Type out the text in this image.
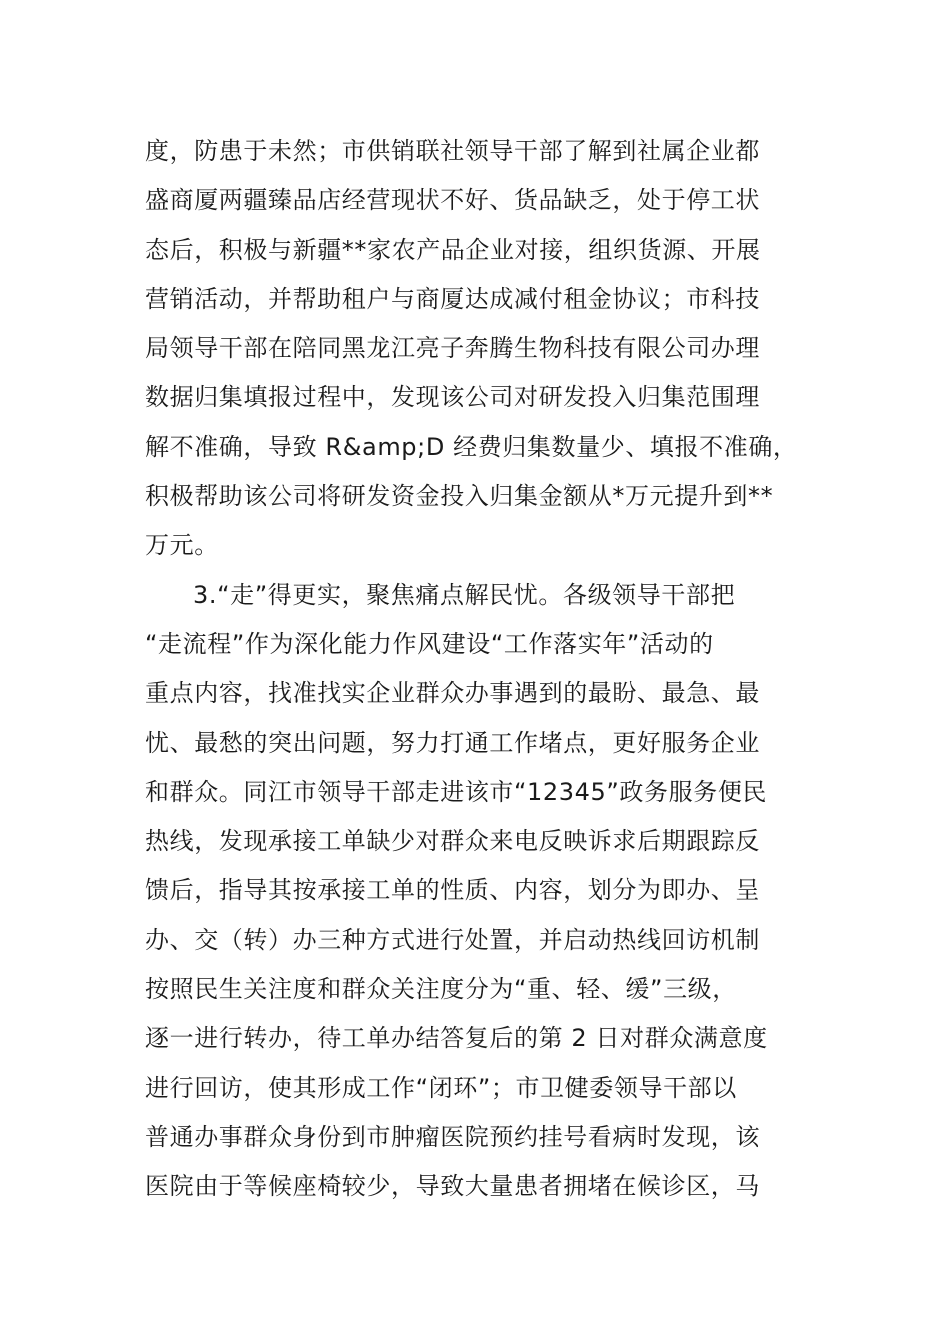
度，防患于未然；市供销联社领导干部了解到社属企业都
盛商厦两疆臻品店经营现状不好、货品缺乏，处于停工状
态后，积极与新疆**家农产品企业对接，组织货源、开展
营销活动，并帮助租户与商厦达成减付租金协议；市科技
局领导干部在陪同黑龙江亮子奔腾生物科技有限公司办理
数据归集填报过程中，发现该公司对研发投入归集范围理
解不准确，导致 R&amp;D 经费归集数量少、填报不准确，
积极帮助该公司将研发资金投入归集金额从*万元提升到**
万元。
3.“走”得更实，聚焦痛点解民忧。各级领导干部把
“走流程”作为深化能力作风建设“工作落实年”活动的
重点内容，找准找实企业群众办事遇到的最盼、最急、最
忧、最愁的突出问题，努力打通工作堵点，更好服务企业
和群众。同江市领导干部走进该市“12345”政务服务便民
热线，发现承接工单缺少对群众来电反映诉求后期跟踪反
馈后，指导其按承接工单的性质、内容，划分为即办、呈
办、交（转）办三种方式进行处置，并启动热线回访机制
按照民生关注度和群众关注度分为“重、轻、缓”三级，
逐一进行转办，待工单办结答复后的第 2 日对群众满意度
进行回访，使其形成工作“闭环”；市卫健委领导干部以
普通办事群众身份到市肿瘤医院预约挂号看病时发现，该
医院由于等候座椅较少，导致大量患者拥堵在候诊区，马
